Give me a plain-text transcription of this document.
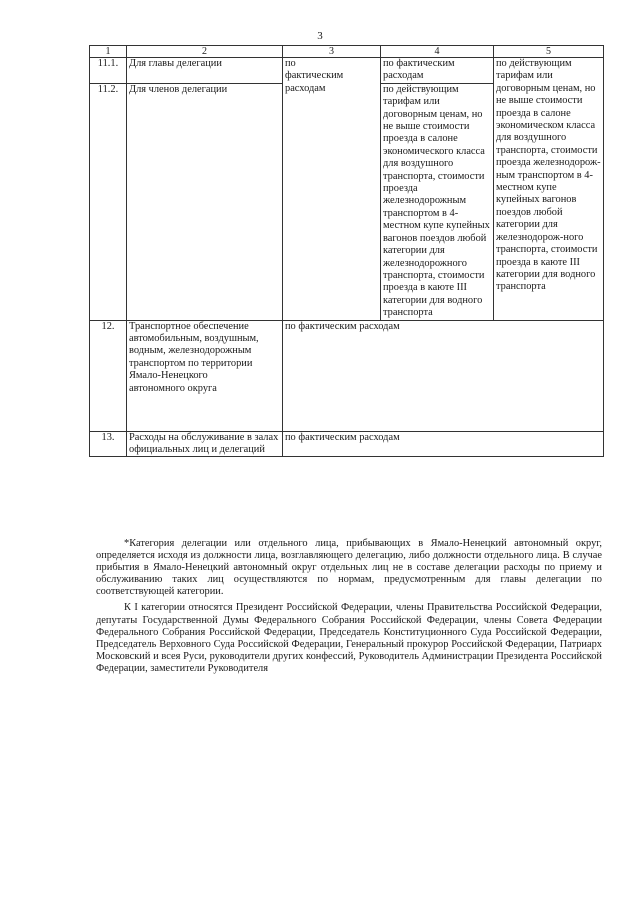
3
1	2	3	4	5
11.1.	Для главы делегации	по фактическим расходам	по фактическим расходам	по действующим тарифам или договорным ценам, но не выше стоимости проезда в салоне экономическом класса для воздушного транспорта, стоимости проезда железнодорож-ным транспортом в 4-местном купе купейных вагонов поездов любой категории для железнодорож-ного транспорта, стоимости проезда в каюте III категории для водного транспорта
11.2.	Для членов делегации		по действующим тарифам или договорным ценам, но не выше стоимости проезда в салоне экономического класса для воздушного транспорта, стоимости проезда железнодорожным транспортом в 4-местном купе купейных вагонов поездов любой категории для железнодорожного транспорта, стоимости проезда в каюте III категории для водного транспорта	
12.	Транспортное обеспечение автомобильным, воздушным, водным, железнодорожным транспортом по территории Ямало-Ненецкого автономного округа	по фактическим расходам		
13.	Расходы на обслуживание в залах официальных лиц и делегаций	по фактическим расходам		

*Категория делегации или отдельного лица, прибывающих в Ямало-Ненецкий автономный округ, определяется исходя из должности лица, возглавляющего делегацию, либо должности отдельного лица. В случае прибытия в Ямало-Ненецкий автономный округ отдельных лиц не в составе делегации расходы по приему и обслуживанию таких лиц осуществляются по нормам, предусмотренным для главы делегации по соответствующей категории.

К I категории относятся Президент Российской Федерации, члены Правительства Российской Федерации, депутаты Государственной Думы Федерального Собрания Российской Федерации, члены Совета Федерации Федерального Собрания Российской Федерации, Председатель Конституционного Суда Российской Федерации, Председатель Верховного Суда Российской Федерации, Генеральный прокурор Российской Федерации, Патриарх Московский и всея Руси, руководители других конфессий, Руководитель Администрации Президента Российской Федерации, заместители Руководителя
